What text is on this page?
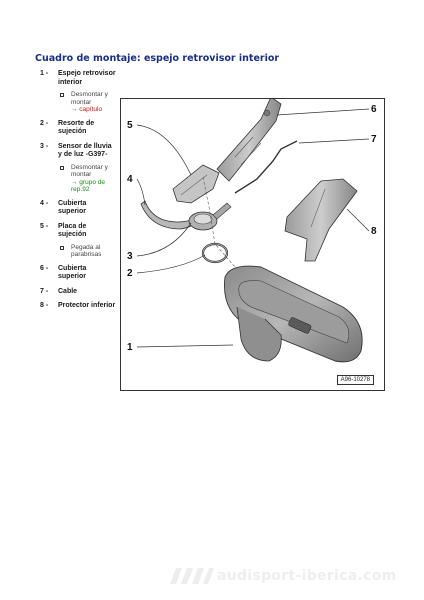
Cuadro de montaje: espejo retrovisor interior
1 -	Espejo retrovisor interior
Desmontar y montar
→ capítulo
2 -	Resorte de sujeción
3 -	Sensor de lluvia y de luz -G397-
Desmontar y montar
→ grupo de rep.92
4 -	Cubierta superior
5 -	Placa de sujeción
Pegada al parabrisas
6 -	Cubierta superior
7 -	Cable
8 -	Protector inferior
5
4
3
2
1
6
7
8
A96-10278
audisport-iberica.com
